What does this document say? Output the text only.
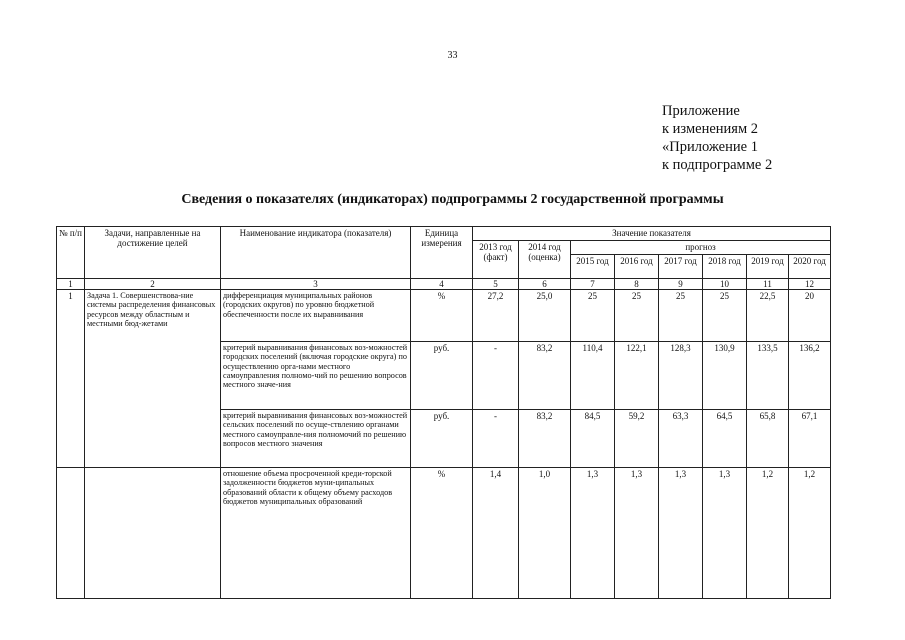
33
Приложение
к изменениям 2
«Приложение 1
к подпрограмме 2
Сведения о показателях (индикаторах) подпрограммы 2 государственной программы
№ п/п	Задачи, направленные на достижение целей	Наименование индикатора (показателя)	Единица измерения	Значение показателя							
				2013 год (факт)	2014 год (оценка)	прогноз					
						2015 год	2016 год	2017 год	2018 год	2019 год	2020 год
1	2	3	4	5	6	7	8	9	10	11	12
1	Задача 1. Совершенствова-ние системы распределения финансовых ресурсов между областным и местными бюд-жетами	дифференциация муниципальных районов (городских округов) по уровню бюджетной обеспеченности после их выравнивания	%	27,2	25,0	25	25	25	25	22,5	20
		критерий выравнивания финансовых воз-можностей городских поселений (включая городские округа) по осуществлению орга-нами местного самоуправления полномо-чий по решению вопросов местного значе-ния	руб.	-	83,2	110,4	122,1	128,3	130,9	133,5	136,2
		критерий выравнивания финансовых воз-можностей сельских поселений по осуще-ствлению органами местного самоуправле-ния полномочий по решению вопросов местного значения	руб.	-	83,2	84,5	59,2	63,3	64,5	65,8	67,1
		отношение объема просроченной креди-торской задолженности бюджетов муни-ципальных образований области к общему объему расходов бюджетов муниципальных образований	%	1,4	1,0	1,3	1,3	1,3	1,3	1,2	1,2
